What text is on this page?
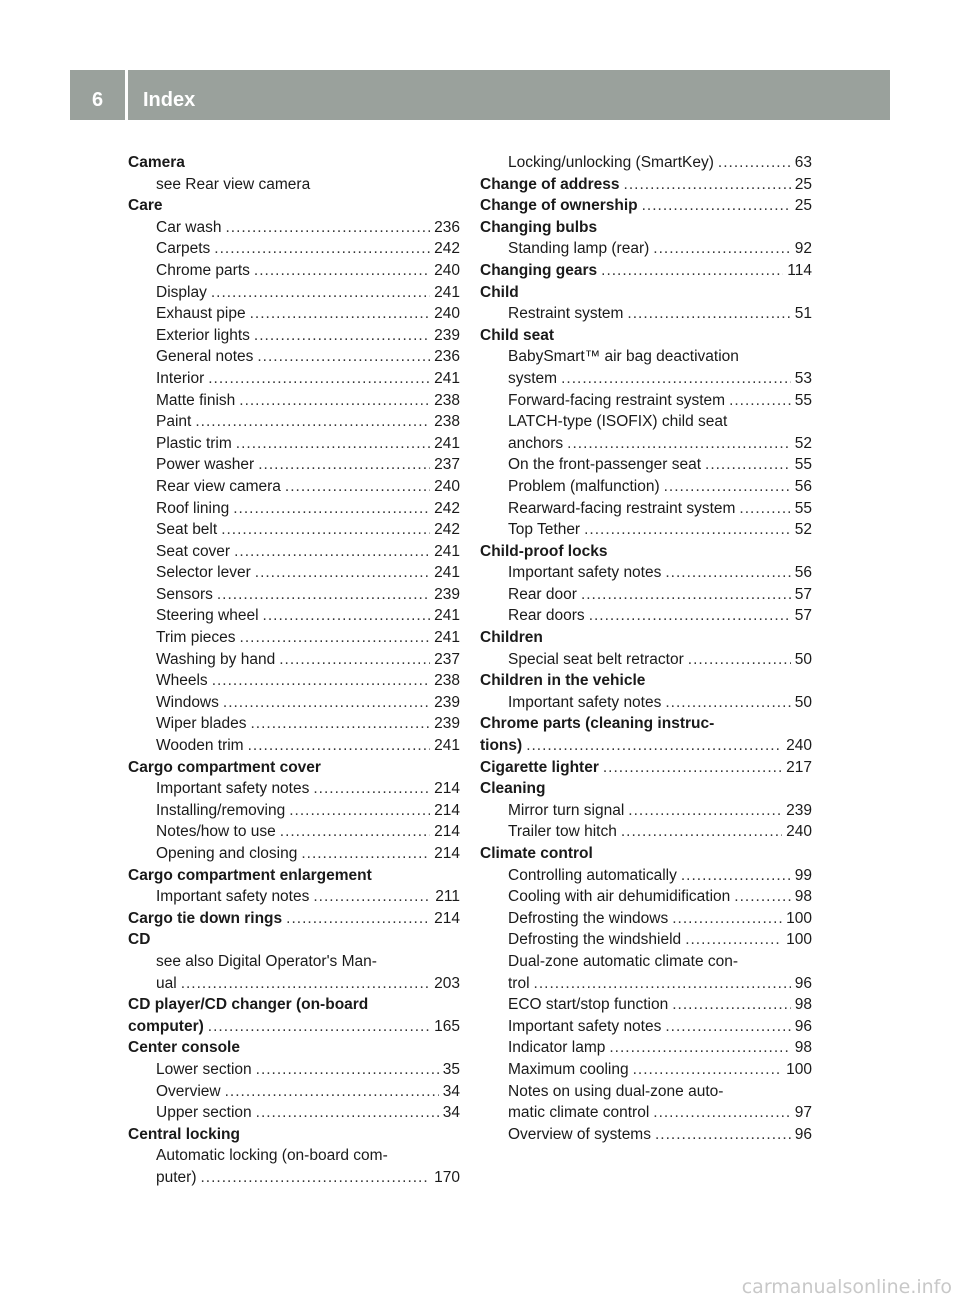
6	Index
Camera
see Rear view camera
Care
Car wash .....	236
Carpets .....	242
Chrome parts .....	240
Display .....	241
Exhaust pipe .....	240
Exterior lights .....	239
General notes .....	236
Interior .....	241
Matte finish .....	238
Paint .....	238
Plastic trim .....	241
Power washer .....	237
Rear view camera .....	240
Roof lining .....	242
Seat belt .....	242
Seat cover .....	241
Selector lever .....	241
Sensors .....	239
Steering wheel .....	241
Trim pieces .....	241
Washing by hand .....	237
Wheels .....	238
Windows .....	239
Wiper blades .....	239
Wooden trim .....	241
Cargo compartment cover
Important safety notes .....	214
Installing/removing .....	214
Notes/how to use .....	214
Opening and closing .....	214
Cargo compartment enlargement
Important safety notes .....	211
Cargo tie down rings .....	214
CD
see also Digital Operator's Man-
ual .....	203
CD player/CD changer (on-board
computer) .....	165
Center console
Lower section .....	35
Overview .....	34
Upper section .....	34
Central locking
Automatic locking (on-board com-
puter) .....	170
Locking/unlocking (SmartKey) .....	63
Change of address .....	25
Change of ownership .....	25
Changing bulbs
Standing lamp (rear) .....	92
Changing gears .....	114
Child
Restraint system .....	51
Child seat
BabySmart™ air bag deactivation
system .....	53
Forward-facing restraint system .....	55
LATCH-type (ISOFIX) child seat
anchors .....	52
On the front-passenger seat .....	55
Problem (malfunction) .....	56
Rearward-facing restraint system .....	55
Top Tether .....	52
Child-proof locks
Important safety notes .....	56
Rear door .....	57
Rear doors .....	57
Children
Special seat belt retractor .....	50
Children in the vehicle
Important safety notes .....	50
Chrome parts (cleaning instruc-
tions) .....	240
Cigarette lighter .....	217
Cleaning
Mirror turn signal .....	239
Trailer tow hitch .....	240
Climate control
Controlling automatically .....	99
Cooling with air dehumidification .....	98
Defrosting the windows .....	100
Defrosting the windshield .....	100
Dual-zone automatic climate con-
trol .....	96
ECO start/stop function .....	98
Important safety notes .....	96
Indicator lamp .....	98
Maximum cooling .....	100
Notes on using dual-zone auto-
matic climate control .....	97
Overview of systems .....	96
carmanualsonline.info
